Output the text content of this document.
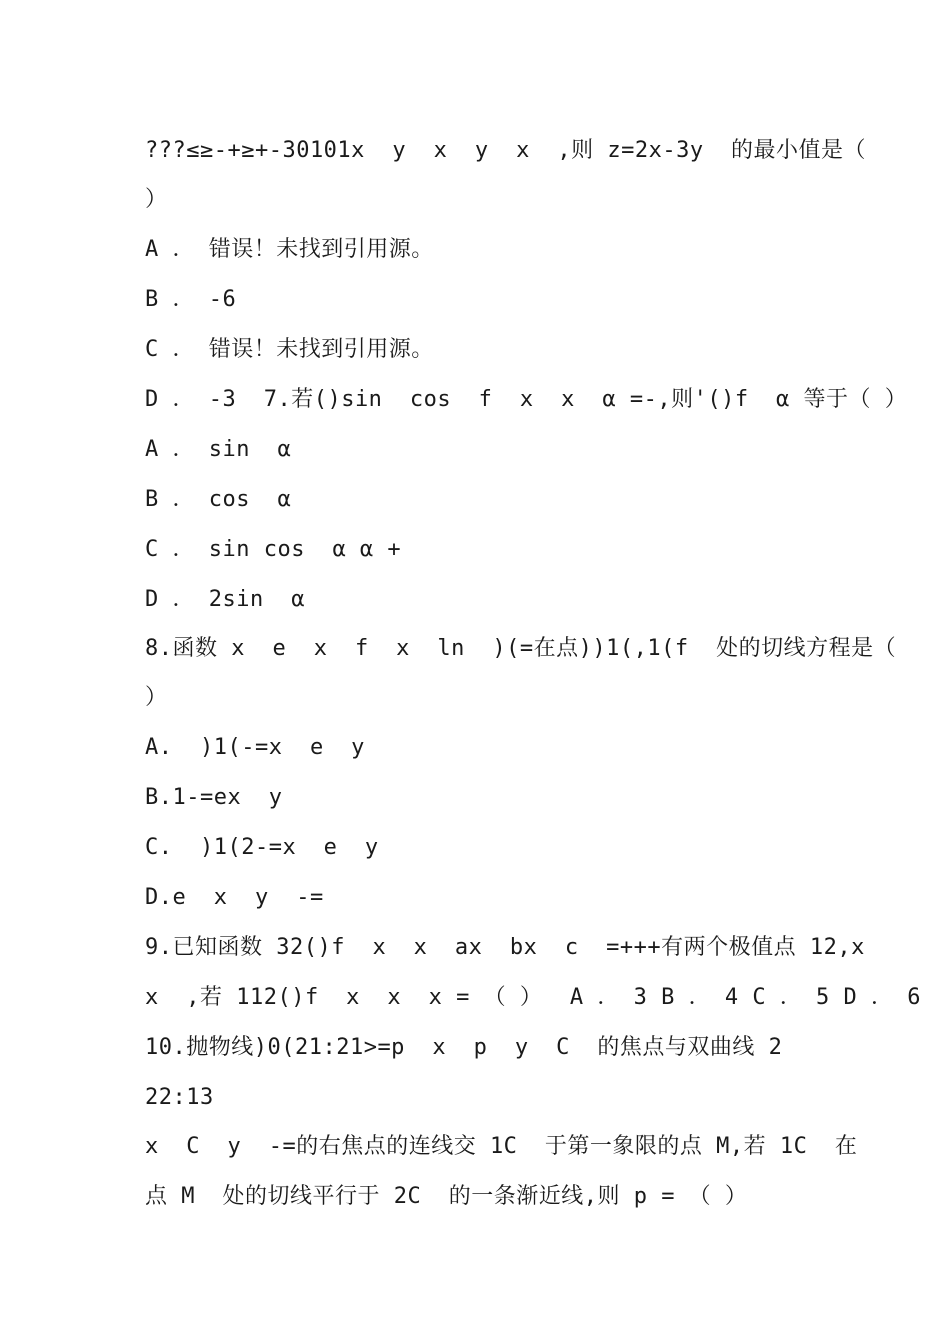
???≤≥-+≥+-30101x  y  x  y  x  ,则 z=2x-3y  的最小值是（
）
A ． 错误！未找到引用源。
B ． -6
C ． 错误！未找到引用源。
D ． -3  7.若()sin  cos  f  x  x  α =-,则'()f  α 等于（ ）
A ． sin  α
B ． cos  α
C ． sin cos  α α +
D ． 2sin  α
8.函数 x  e  x  f  x  ln  )(=在点))1(,1(f  处的切线方程是（
）
A.  )1(-=x  e  y
B.1-=ex  y
C.  )1(2-=x  e  y
D.e  x  y  -=
9.已知函数 32()f  x  x  ax  bx  c  =+++有两个极值点 12,x
x  ,若 112()f  x  x  x = （ ）  A ． 3 B ． 4 C ． 5 D ． 6
10.抛物线)0(21:21>=p  x  p  y  C  的焦点与双曲线 2
22:13
x  C  y  -=的右焦点的连线交 1C  于第一象限的点 M,若 1C  在
点 M  处的切线平行于 2C  的一条渐近线,则 p = （ ）
